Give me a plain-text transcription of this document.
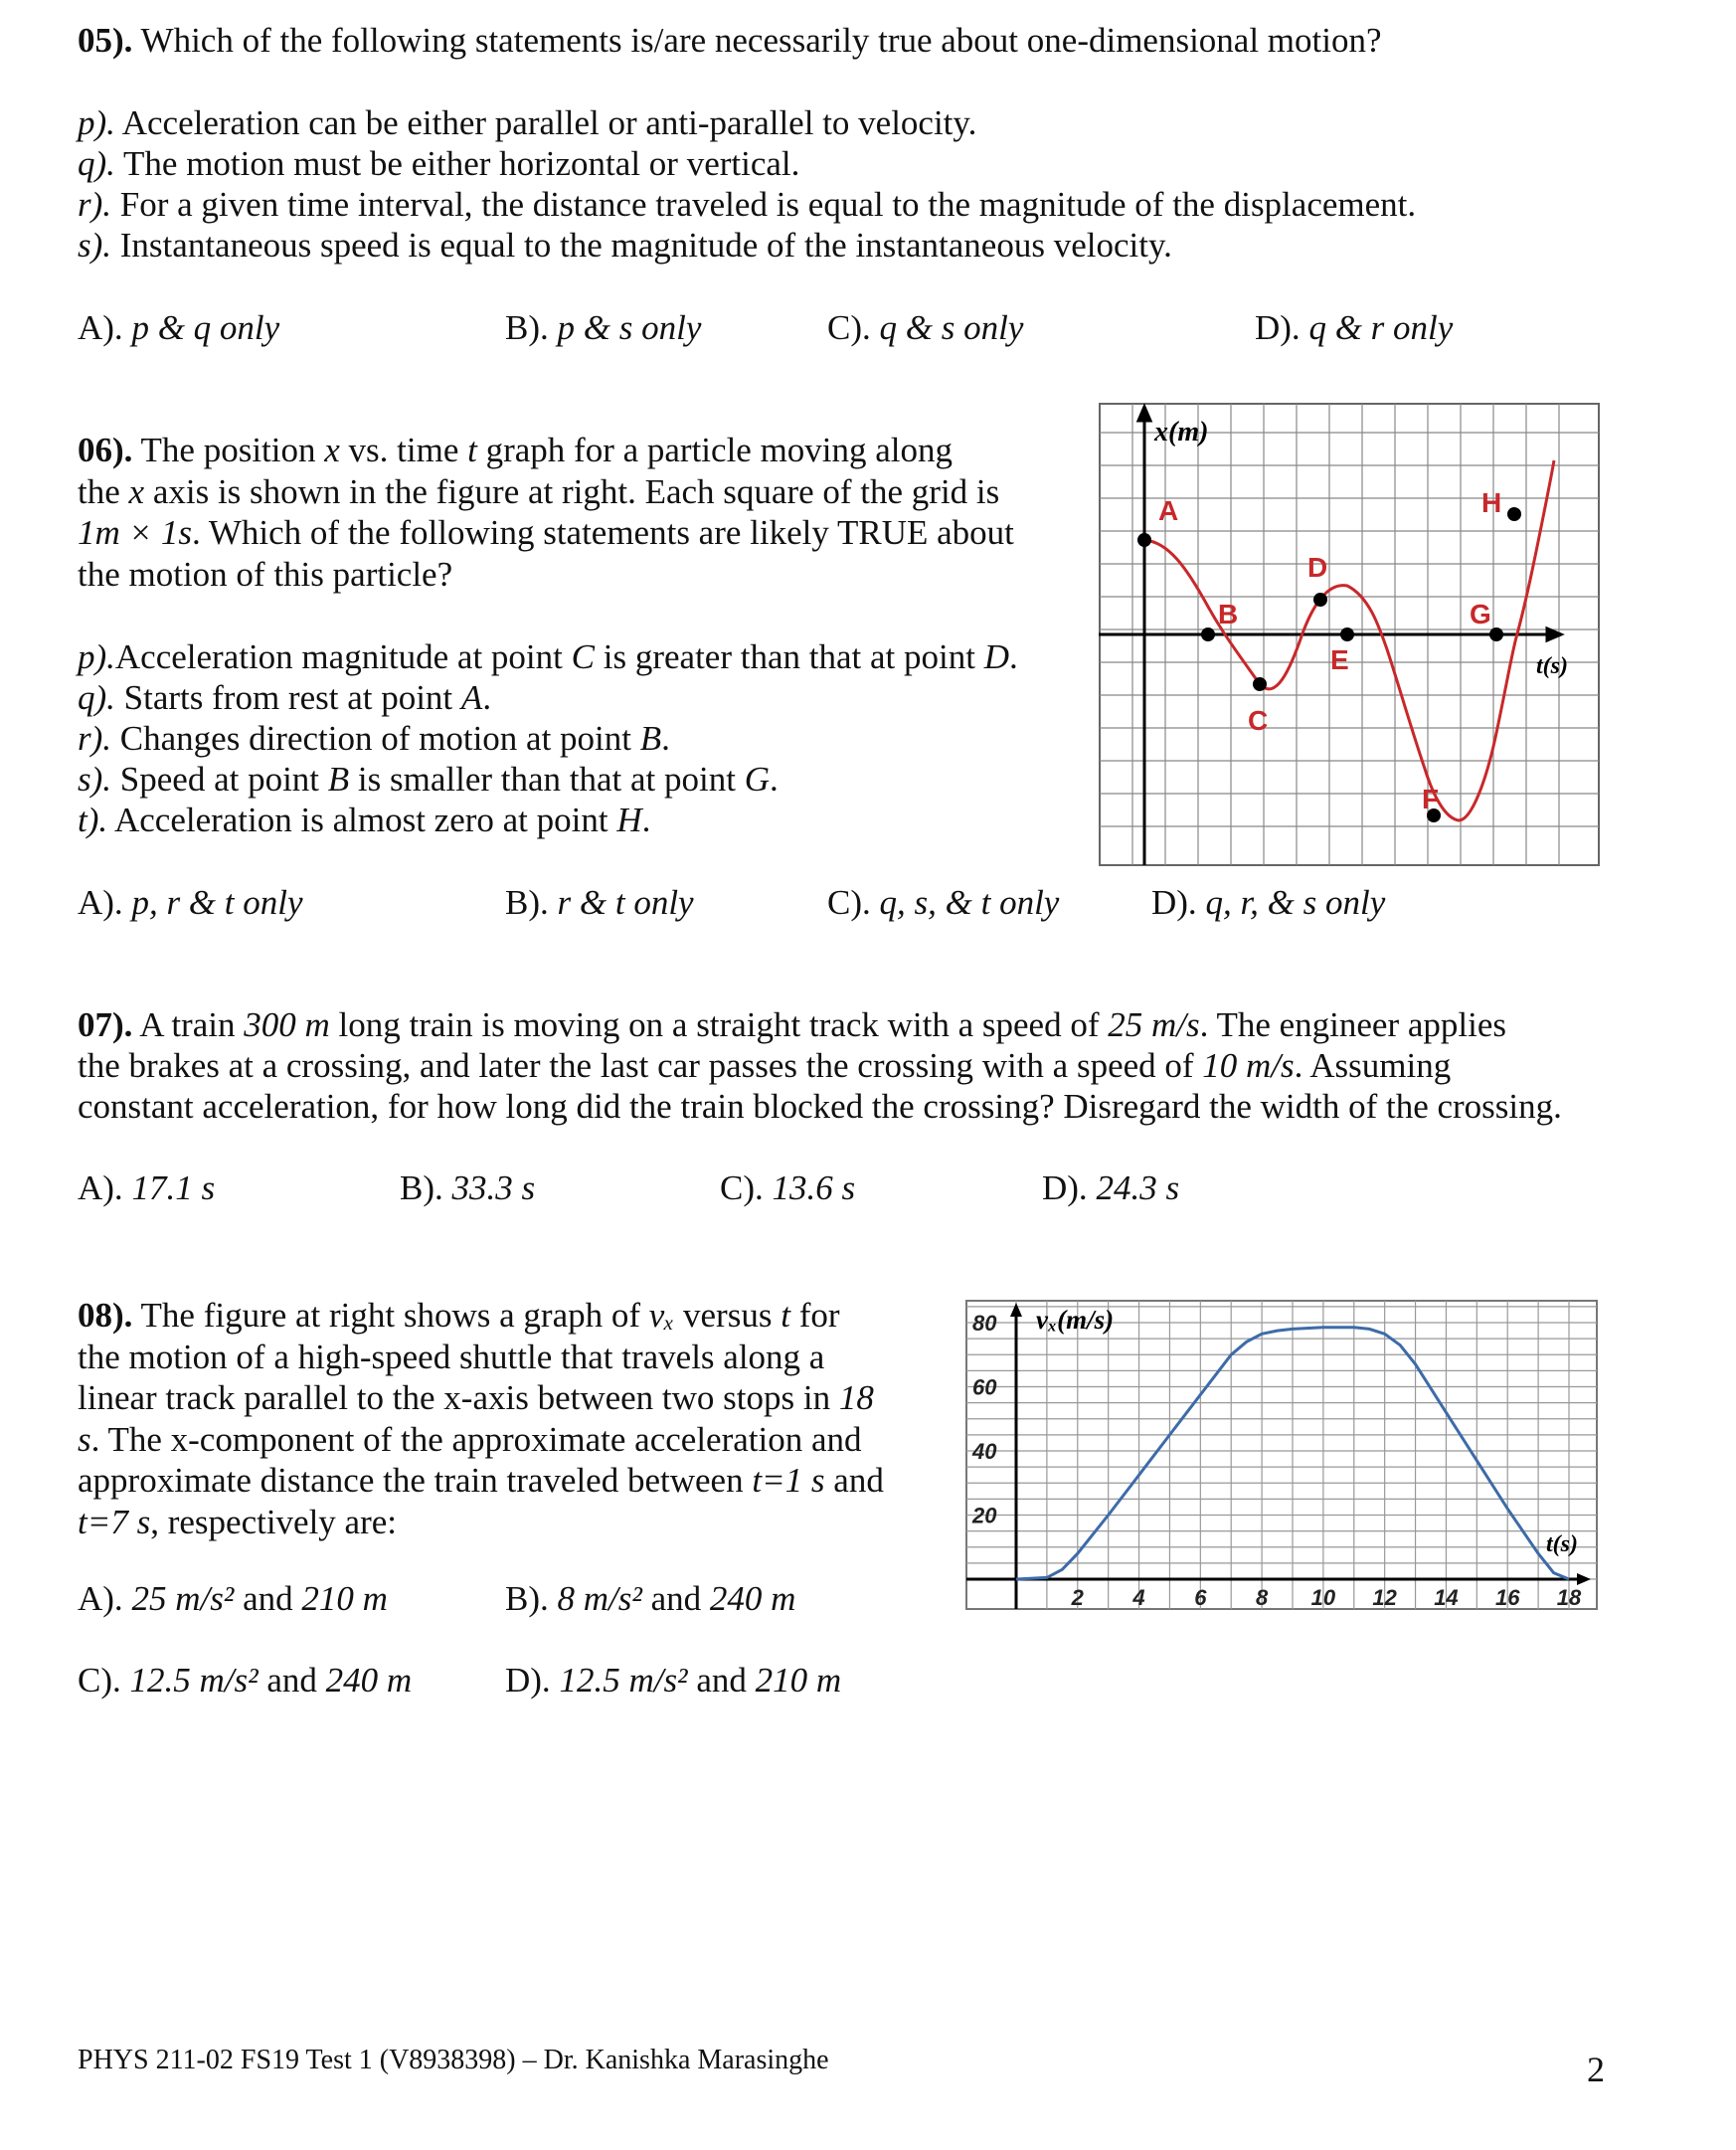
05). Which of the following statements is/are necessarily true about one-dimensional motion?
p). Acceleration can be either parallel or anti-parallel to velocity.
q). The motion must be either horizontal or vertical.
r). For a given time interval, the distance traveled is equal to the magnitude of the displacement.
s). Instantaneous speed is equal to the magnitude of the instantaneous velocity.
A). p & q only	B). p & s only	C). q & s only	D). q & r only
06). The position x vs. time t graph for a particle moving along
the x axis is shown in the figure at right. Each square of the grid is
1m × 1s. Which of the following statements are likely TRUE about
the motion of this particle?
p).Acceleration magnitude at point C is greater than that at point D.
q). Starts from rest at point A.
r). Changes direction of motion at point B.
s). Speed at point B is smaller than that at point G.
t). Acceleration is almost zero at point H.
A). p, r & t only	B). r & t only	C). q, s, & t only	D). q, r, & s only
x(m)
t(s)
A
B
C
D
E
F
G
H
07). A train 300 m long train is moving on a straight track with a speed of 25 m/s. The engineer applies
the brakes at a crossing, and later the last car passes the crossing with a speed of 10 m/s. Assuming
constant acceleration, for how long did the train blocked the crossing? Disregard the width of the crossing.
A). 17.1 s	B). 33.3 s	C). 13.6 s	D). 24.3 s
08). The figure at right shows a graph of vₓ versus t for
the motion of a high-speed shuttle that travels along a
linear track parallel to the x-axis between two stops in 18
s. The x-component of the approximate acceleration and
approximate distance the train traveled between t=1 s and
t=7 s, respectively are:
A). 25 m/s² and 210 m	B). 8 m/s² and 240 m
C). 12.5 m/s² and 240 m	D). 12.5 m/s² and 210 m
2 4 6 8 10 12 14 16 18
20
40
60
80 vₓ(m/s)
t(s)
PHYS 211-02 FS19 Test 1 (V8938398) – Dr. Kanishka Marasinghe	2
